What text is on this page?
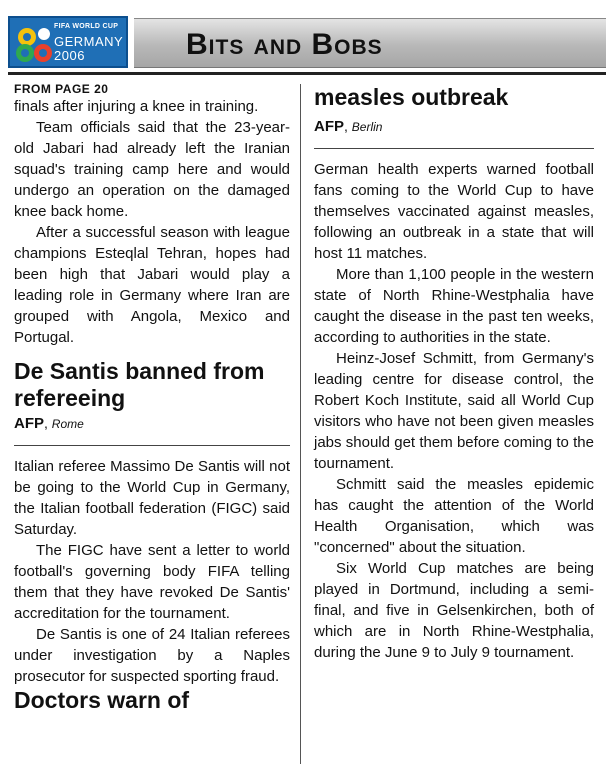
FIFA WORLD CUP
GERMANY
2006	Bits and Bobs
FROM PAGE 20

finals after injuring a knee in training.

Team officials said that the 23-year-old Jabari had already left the Iranian squad's training camp here and would undergo an operation on the damaged knee back home.

After a successful season with league champions Esteqlal Tehran, hopes had been high that Jabari would play a leading role in Germany where Iran are grouped with Angola, Mexico and Portugal.

De Santis banned from refereeing
AFP, Rome

Italian referee Massimo De Santis will not be going to the World Cup in Germany, the Italian football federation (FIGC) said Saturday.

The FIGC have sent a letter to world football's governing body FIFA telling them that they have revoked De Santis' accreditation for the tournament.

De Santis is one of 24 Italian referees under investigation by a Naples prosecutor for suspected sporting fraud.

Doctors warn of
measles outbreak
AFP, Berlin

German health experts warned football fans coming to the World Cup to have themselves vaccinated against measles, following an outbreak in a state that will host 11 matches.

More than 1,100 people in the western state of North Rhine-Westphalia have caught the disease in the past ten weeks, according to authorities in the state.

Heinz-Josef Schmitt, from Germany's leading centre for disease control, the Robert Koch Institute, said all World Cup visitors who have not been given measles jabs should get them before coming to the tournament.

Schmitt said the measles epidemic has caught the attention of the World Health Organisation, which was "concerned" about the situation.

Six World Cup matches are being played in Dortmund, including a semi-final, and five in Gelsenkirchen, both of which are in North Rhine-Westphalia, during the June 9 to July 9 tournament.
